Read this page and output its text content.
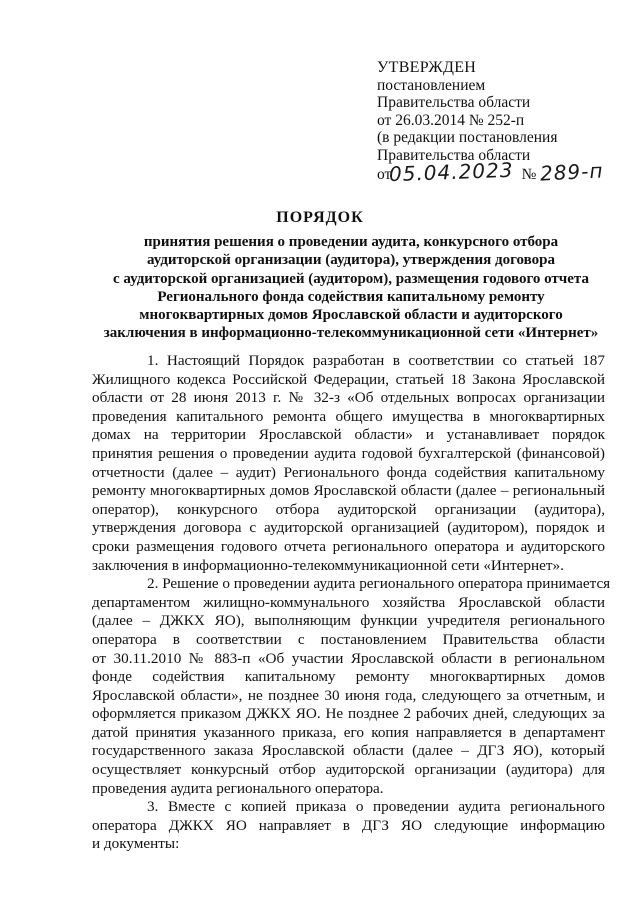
УТВЕРЖДЕН
постановлением
Правительства области
от 26.03.2014 № 252-п
(в редакции постановления
Правительства области
от05.04.2023 № 289-п
ПОРЯДОК
принятия решения о проведении аудита, конкурсного отбора
аудиторской организации (аудитора), утверждения договора
с аудиторской организацией (аудитором), размещения годового отчета
Регионального фонда содействия капитальному ремонту
многоквартирных домов Ярославской области и аудиторского
заключения в информационно-телекоммуникационной сети «Интернет»
1. Настоящий Порядок разработан в соответствии со статьей 187
Жилищного кодекса Российской Федерации, статьей 18 Закона Ярославской
области от 28 июня 2013 г. № 32-з «Об отдельных вопросах организации
проведения капитального ремонта общего имущества в многоквартирных
домах на территории Ярославской области» и устанавливает порядок
принятия решения о проведении аудита годовой бухгалтерской (финансовой)
отчетности (далее – аудит) Регионального фонда содействия капитальному
ремонту многоквартирных домов Ярославской области (далее – региональный
оператор), конкурсного отбора аудиторской организации (аудитора),
утверждения договора с аудиторской организацией (аудитором), порядок и
сроки размещения годового отчета регионального оператора и аудиторского
заключения в информационно-телекоммуникационной сети «Интернет».
2. Решение о проведении аудита регионального оператора принимается
департаментом жилищно-коммунального хозяйства Ярославской области
(далее – ДЖКХ ЯО), выполняющим функции учредителя регионального
оператора в соответствии с постановлением Правительства области
от 30.11.2010 № 883-п «Об участии Ярославской области в региональном
фонде содействия капитальному ремонту многоквартирных домов
Ярославской области», не позднее 30 июня года, следующего за отчетным, и
оформляется приказом ДЖКХ ЯО. Не позднее 2 рабочих дней, следующих за
датой принятия указанного приказа, его копия направляется в департамент
государственного заказа Ярославской области (далее – ДГЗ ЯО), который
осуществляет конкурсный отбор аудиторской организации (аудитора) для
проведения аудита регионального оператора.
3. Вместе с копией приказа о проведении аудита регионального
оператора ДЖКХ ЯО направляет в ДГЗ ЯО следующие информацию
и документы:
